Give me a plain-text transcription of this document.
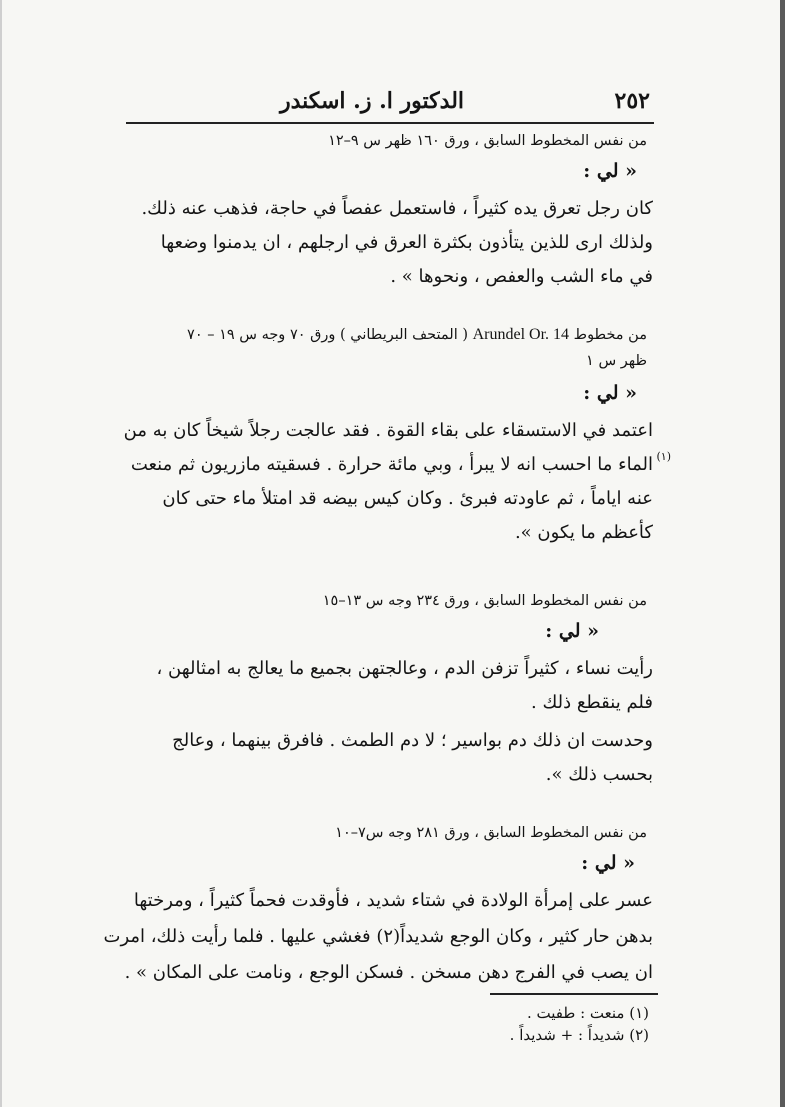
٢٥٢
الدكتور ا. ز. اسكندر
من نفس المخطوط السابق ، ورق ١٦٠ ظهر س ٩–١٢
« لي :
كان رجل تعرق يده كثيراً ، فاستعمل عفصاً في حاجة، فذهب عنه ذلك.
ولذلك ارى للذين يتأذون بكثرة العرق في ارجلهم ، ان يدمنوا وضعها
في ماء الشب والعفص ، ونحوها » .
من مخطوط Arundel Or. 14 ( المتحف البريطاني ) ورق ٧٠ وجه س ١٩ – ٧٠
ظهر س ١
« لي :
اعتمد في الاستسقاء على بقاء القوة . فقد عالجت رجلاً شيخاً كان به من
الماء ما احسب انه لا يبرأ ، وبي مائة حرارة . فسقيته مازريون ثم منعت
عنه اياماً ، ثم عاودته فبرئ . وكان كيس بيضه قد امتلأ ماء حتى كان
كأعظم ما يكون ».
(١)
من نفس المخطوط السابق ، ورق ٢٣٤ وجه س ١٣–١٥
« لي :
رأيت نساء ، كثيراً تزفن الدم ، وعالجتهن بجميع ما يعالج به امثالهن ،
فلم ينقطع ذلك .
وحدست ان ذلك دم بواسير ؛ لا دم الطمث . فافرق بينهما ، وعالج
بحسب ذلك ».
من نفس المخطوط السابق ، ورق ٢٨١ وجه س٧–١٠
« لي :
عسر على إمرأة الولادة في شتاء شديد ، فأوقدت فحماً كثيراً ، ومرختها
بدهن حار كثير ، وكان الوجع شديداً(٢) فغشي عليها . فلما رأيت ذلك، امرت
ان يصب في الفرج دهن مسخن . فسكن الوجع ، ونامت على المكان » .
(١) منعت : طفيت .
(٢) شديداً : + شديداً .
